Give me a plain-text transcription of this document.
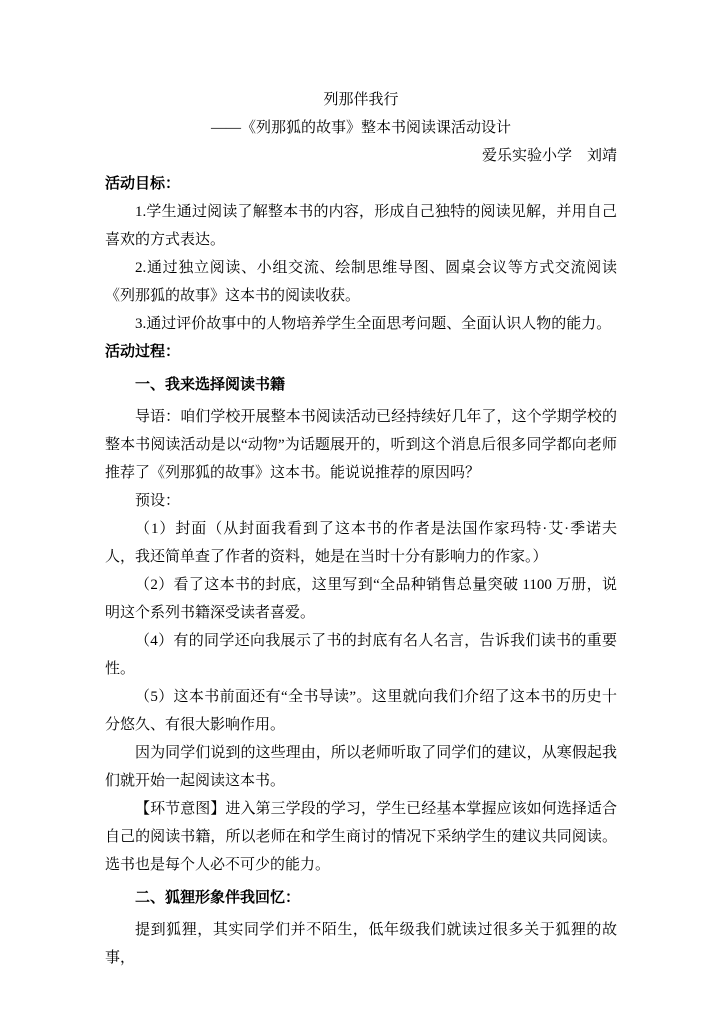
列那伴我行

——《列那狐的故事》整本书阅读课活动设计

爱乐实验小学　刘靖

活动目标：

1.学生通过阅读了解整本书的内容，形成自己独特的阅读见解，并用自己喜欢的方式表达。

2.通过独立阅读、小组交流、绘制思维导图、圆桌会议等方式交流阅读《列那狐的故事》这本书的阅读收获。

3.通过评价故事中的人物培养学生全面思考问题、全面认识人物的能力。

活动过程：

一、我来选择阅读书籍

导语：咱们学校开展整本书阅读活动已经持续好几年了，这个学期学校的整本书阅读活动是以“动物”为话题展开的，听到这个消息后很多同学都向老师推荐了《列那狐的故事》这本书。能说说推荐的原因吗？

预设：

（1）封面（从封面我看到了这本书的作者是法国作家玛特·艾·季诺夫人，我还简单查了作者的资料，她是在当时十分有影响力的作家。）

（2）看了这本书的封底，这里写到“全品种销售总量突破 1100 万册，说明这个系列书籍深受读者喜爱。

（4）有的同学还向我展示了书的封底有名人名言，告诉我们读书的重要性。

（5）这本书前面还有“全书导读”。这里就向我们介绍了这本书的历史十分悠久、有很大影响作用。

因为同学们说到的这些理由，所以老师听取了同学们的建议，从寒假起我们就开始一起阅读这本书。

【环节意图】进入第三学段的学习，学生已经基本掌握应该如何选择适合自己的阅读书籍，所以老师在和学生商讨的情况下采纳学生的建议共同阅读。选书也是每个人必不可少的能力。

二、狐狸形象伴我回忆：

提到狐狸，其实同学们并不陌生，低年级我们就读过很多关于狐狸的故事，
